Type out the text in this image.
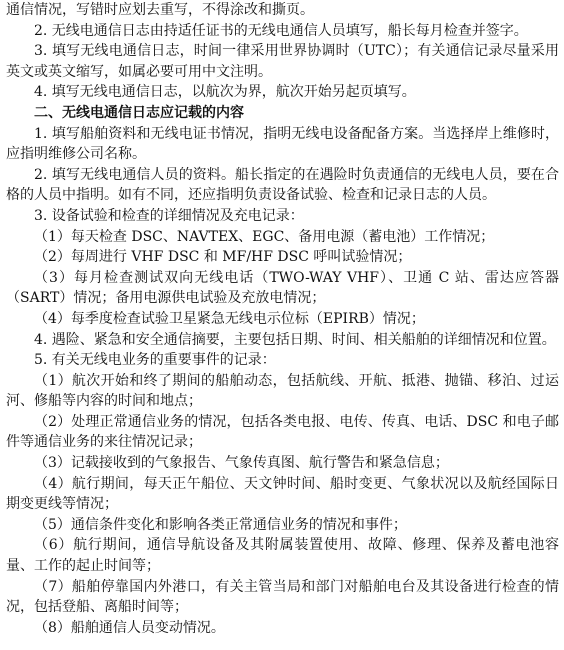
通信情况，写错时应划去重写，不得涂改和撕页。

2. 无线电通信日志由持适任证书的无线电通信人员填写，船长每月检查并签字。

3. 填写无线电通信日志，时间一律采用世界协调时（UTC）；有关通信记录尽量采用英文或英文缩写，如属必要可用中文注明。

4. 填写无线电通信日志，以航次为界，航次开始另起页填写。

二、无线电通信日志应记载的内容

1. 填写船舶资料和无线电证书情况，指明无线电设备配备方案。当选择岸上维修时，应指明维修公司名称。

2. 填写无线电通信人员的资料。船长指定的在遇险时负责通信的无线电人员，要在合格的人员中指明。如有不同，还应指明负责设备试验、检查和记录日志的人员。

3. 设备试验和检查的详细情况及充电记录：

（1）每天检查 DSC、NAVTEX、EGC、备用电源（蓄电池）工作情况；

（2）每周进行 VHF DSC 和 MF/HF DSC 呼叫试验情况；

（3）每月检查测试双向无线电话（TWO-WAY VHF）、卫通 C 站、雷达应答器（SART）情况；备用电源供电试验及充放电情况；

（4）每季度检查试验卫星紧急无线电示位标（EPIRB）情况；

4. 遇险、紧急和安全通信摘要，主要包括日期、时间、相关船舶的详细情况和位置。

5. 有关无线电业务的重要事件的记录：

（1）航次开始和终了期间的船舶动态，包括航线、开航、抵港、抛锚、移泊、过运河、修船等内容的时间和地点；

（2）处理正常通信业务的情况，包括各类电报、电传、传真、电话、DSC 和电子邮件等通信业务的来往情况记录；

（3）记载接收到的气象报告、气象传真图、航行警告和紧急信息；

（4）航行期间，每天正午船位、天文钟时间、船时变更、气象状况以及航经国际日期变更线等情况；

（5）通信条件变化和影响各类正常通信业务的情况和事件；

（6）航行期间，通信导航设备及其附属装置使用、故障、修理、保养及蓄电池容量、工作的起止时间等；

（7）船舶停靠国内外港口，有关主管当局和部门对船舶电台及其设备进行检查的情况，包括登船、离船时间等；

（8）船舶通信人员变动情况。
